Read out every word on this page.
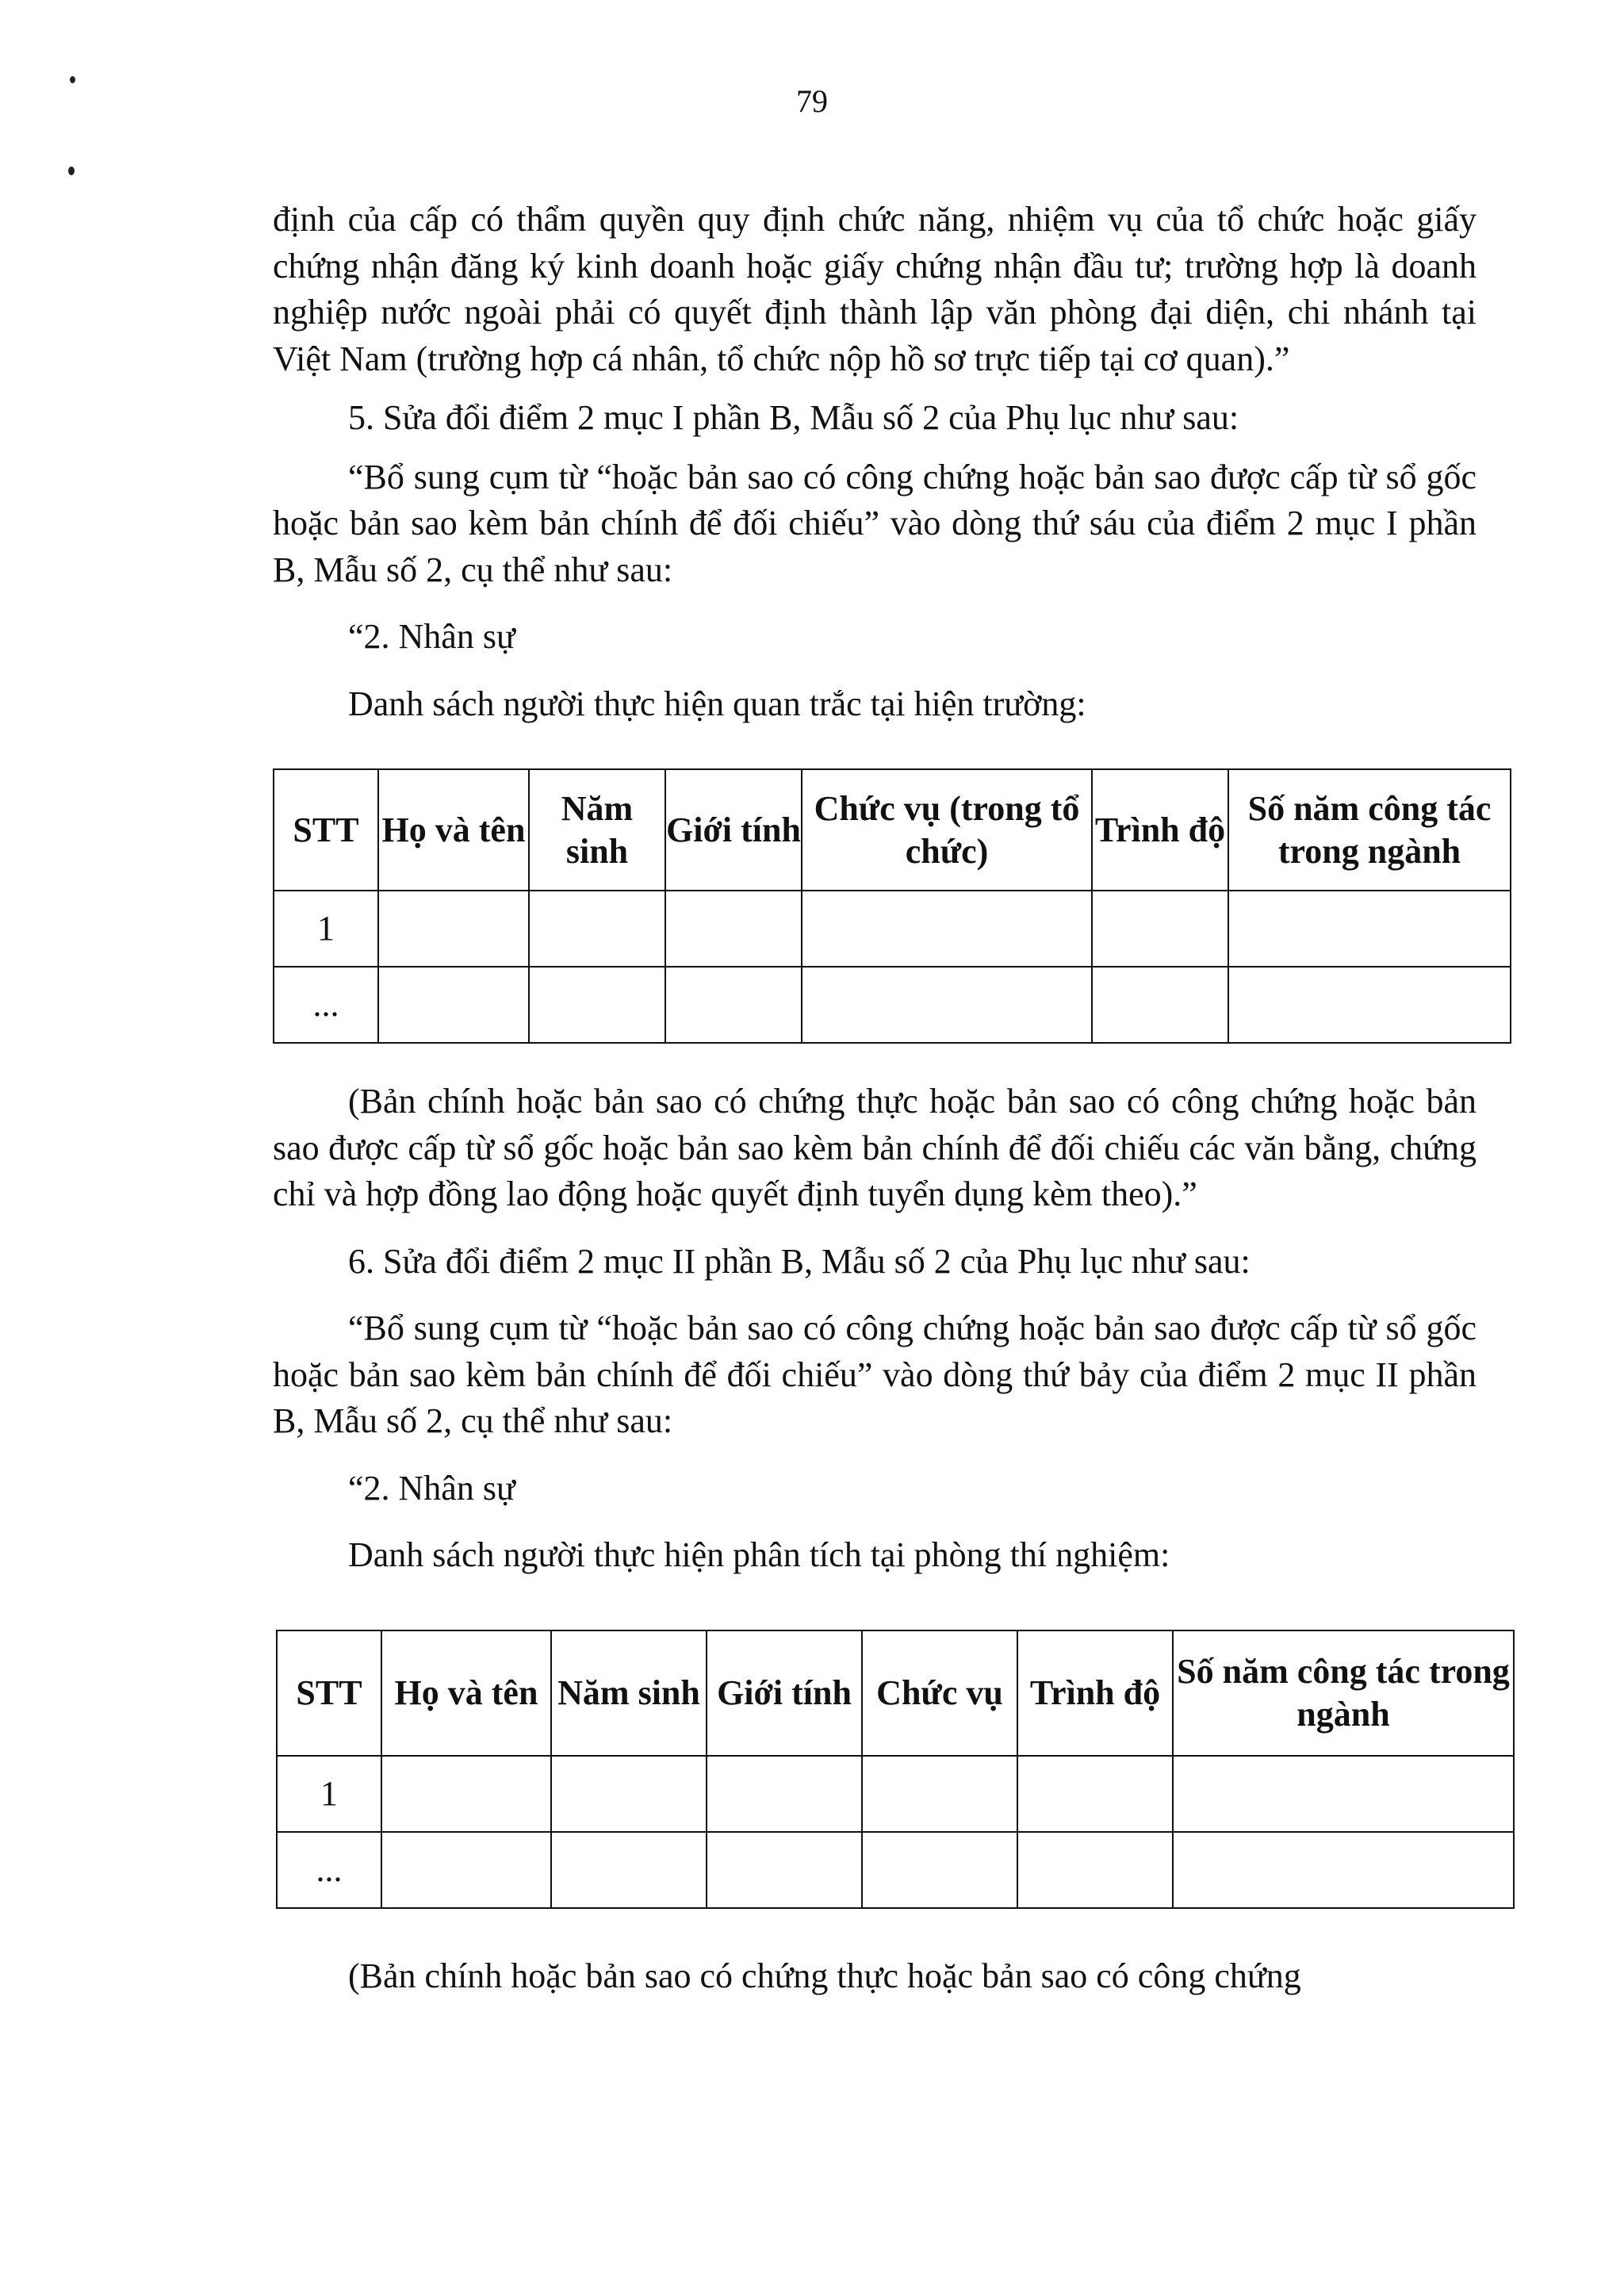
79

định của cấp có thẩm quyền quy định chức năng, nhiệm vụ của tổ chức hoặc giấy chứng nhận đăng ký kinh doanh hoặc giấy chứng nhận đầu tư; trường hợp là doanh nghiệp nước ngoài phải có quyết định thành lập văn phòng đại diện, chi nhánh tại Việt Nam (trường hợp cá nhân, tổ chức nộp hồ sơ trực tiếp tại cơ quan).”

5. Sửa đổi điểm 2 mục I phần B, Mẫu số 2 của Phụ lục như sau:

“Bổ sung cụm từ “hoặc bản sao có công chứng hoặc bản sao được cấp từ sổ gốc hoặc bản sao kèm bản chính để đối chiếu” vào dòng thứ sáu của điểm 2 mục I phần B, Mẫu số 2, cụ thể như sau:

“2. Nhân sự

Danh sách người thực hiện quan trắc tại hiện trường:

STT	Họ và tên	Năm sinh	Giới tính	Chức vụ (trong tổ chức)	Trình độ	Số năm công tác trong ngành
1						
...						

(Bản chính hoặc bản sao có chứng thực hoặc bản sao có công chứng hoặc bản sao được cấp từ sổ gốc hoặc bản sao kèm bản chính để đối chiếu các văn bằng, chứng chỉ và hợp đồng lao động hoặc quyết định tuyển dụng kèm theo).”

6. Sửa đổi điểm 2 mục II phần B, Mẫu số 2 của Phụ lục như sau:

“Bổ sung cụm từ “hoặc bản sao có công chứng hoặc bản sao được cấp từ sổ gốc hoặc bản sao kèm bản chính để đối chiếu” vào dòng thứ bảy của điểm 2 mục II phần B, Mẫu số 2, cụ thể như sau:

“2. Nhân sự

Danh sách người thực hiện phân tích tại phòng thí nghiệm:

STT	Họ và tên	Năm sinh	Giới tính	Chức vụ	Trình độ	Số năm công tác trong ngành
1						
...						

(Bản chính hoặc bản sao có chứng thực hoặc bản sao có công chứng
